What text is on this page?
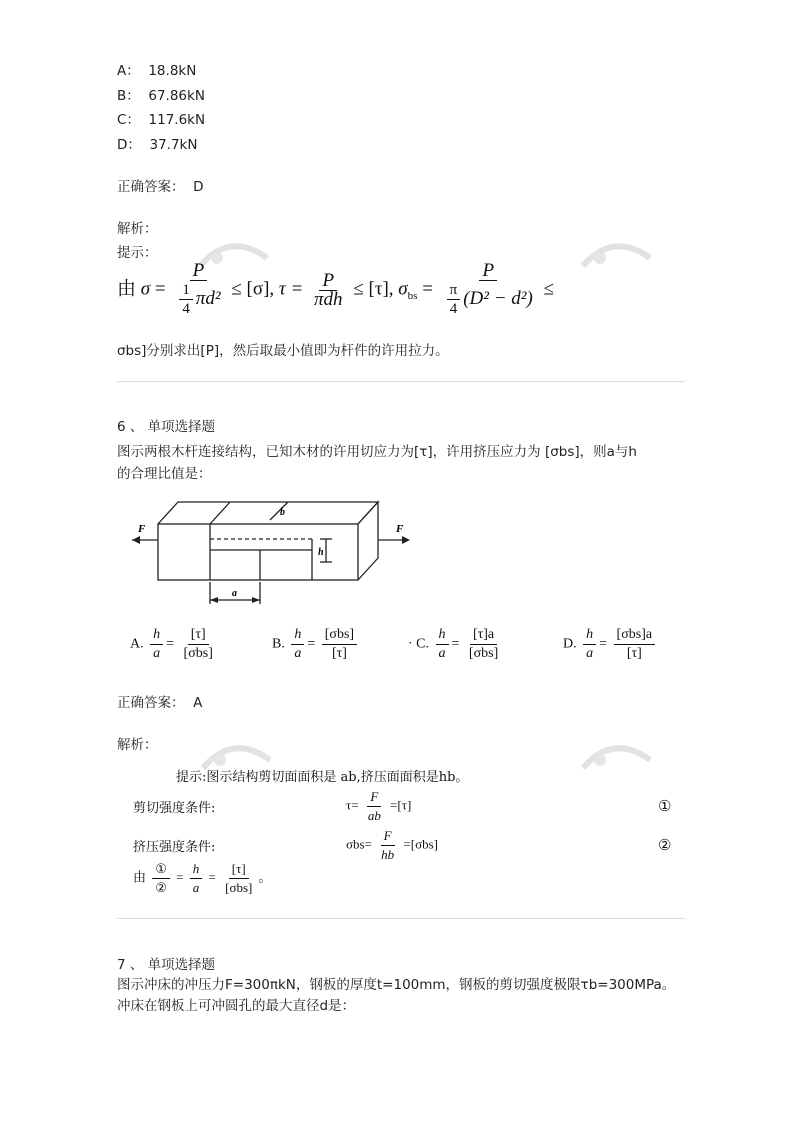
A：  18.8kN
B：  67.86kN
C：  117.6kN
D：  37.7kN
正确答案： D
解析：
提示：
由 $\sigma = \frac{P}{\frac{1}{4} \pi d^2} \le [\sigma]$, $\tau = \frac{P}{\text{πdh}} \le [\tau]$, $\sigma_{bs} = \frac{P}{\frac{\pi}{4} (D^2 - d^2)}$ ≤
σbs]分别求出[P]，然后取最小值即为杆件的许用拉力。
6 、 单项选择题
图示两根木杆连接结构，已知木材的许用切应力为[τ]，许用挤压应力为 [σbs]，则a与h
的合理比值是：
F	F
b
h
a
A. $\frac{h}{a} = \frac{[\tau]}{\text{[σbs]}}$	B. $\frac{h}{a} = \frac{\text{[σbs]}}{[\tau]}$	· C. $\frac{h}{a} = \frac{[\tau]a}{\text{[σbs]}}$	D. $\frac{h}{a} = \frac{\text{[σbs]a}}{[\tau]}$
正确答案： A
解析：
提示:图示结构剪切面面积是 ab,挤压面面积是hb。
剪切强度条件:	$\tau= \frac{F}{ab} =[\tau]$	①
挤压强度条件:	$\sigma bs= \frac{F}{hb} =[\sigma bs]$	②
由 $\frac{\text{①}}{\text{②}} = \frac{h}{a} = \frac{[\tau]}{\text{[σbs]}}$ 。
7 、 单项选择题
图示冲床的冲压力F=300πkN，钢板的厚度t=100mm，钢板的剪切强度极限τb=300MPa。
冲床在钢板上可冲圆孔的最大直径d是：
